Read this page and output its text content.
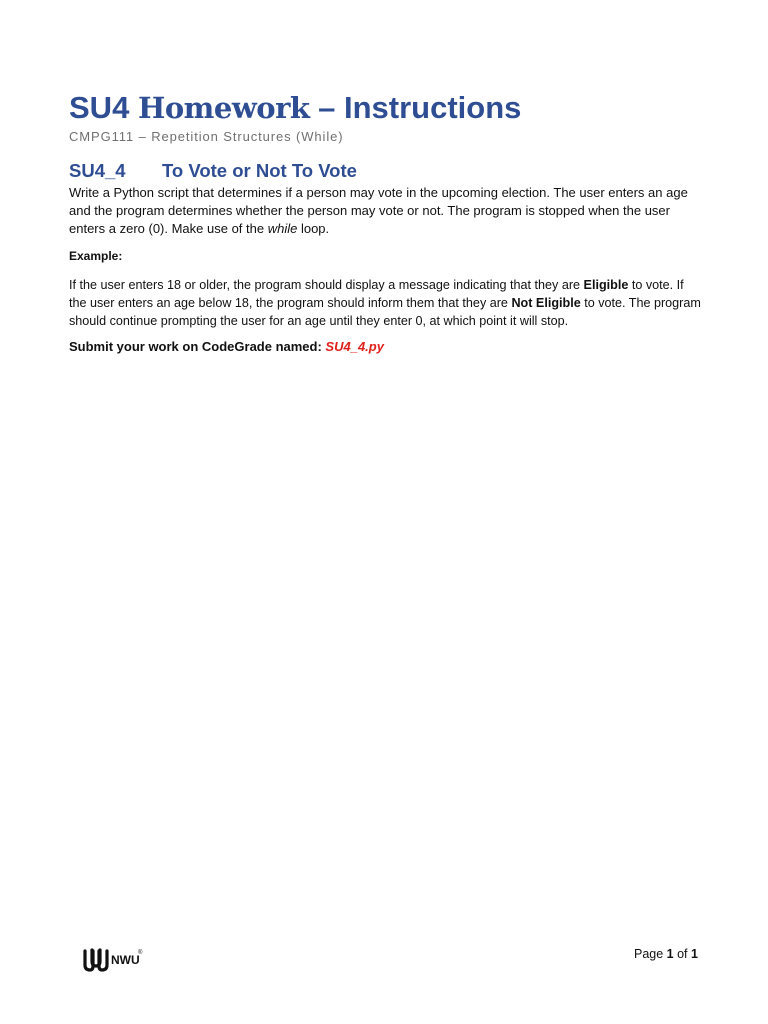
SU4 Homework – Instructions
CMPG111 – Repetition Structures (While)
SU4_4 To Vote or Not To Vote
Write a Python script that determines if a person may vote in the upcoming election. The user enters an age and the program determines whether the person may vote or not. The program is stopped when the user enters a zero (0). Make use of the while loop.
Example:
If the user enters 18 or older, the program should display a message indicating that they are Eligible to vote. If the user enters an age below 18, the program should inform them that they are Not Eligible to vote. The program should continue prompting the user for an age until they enter 0, at which point it will stop.
Submit your work on CodeGrade named: SU4_4.py
NWU
®	Page 1 of 1
